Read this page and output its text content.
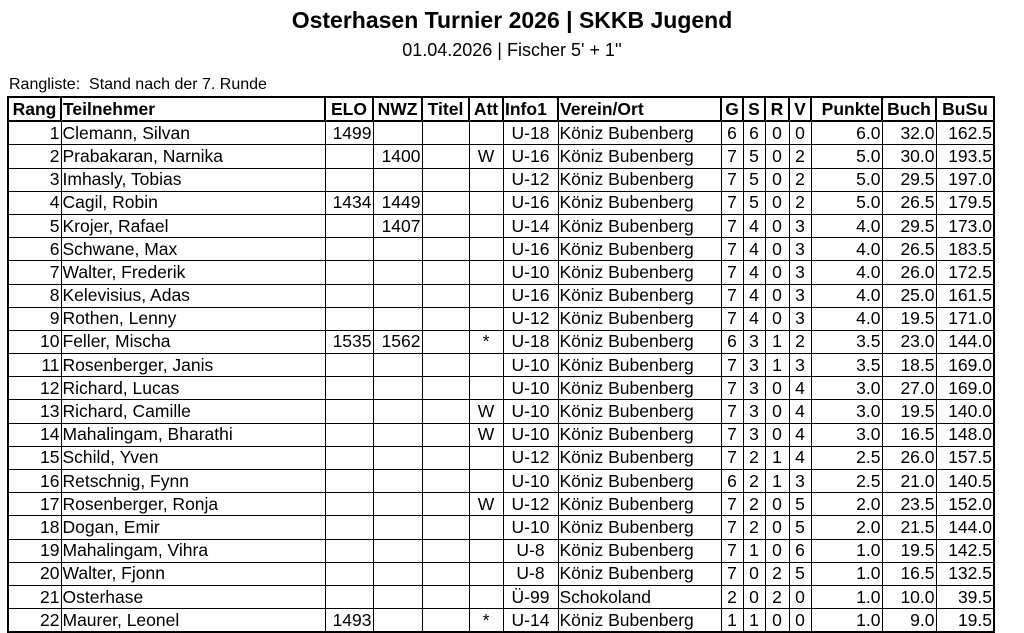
Osterhasen Turnier 2026 | SKKB Jugend
01.04.2026 | Fischer 5' + 1''
Rangliste:  Stand nach der 7. Runde
Rang	Teilnehmer	ELO	NWZ	Titel	Att	Info1	Verein/Ort	G	S	R	V	Punkte	Buch	BuSu
1	Clemann, Silvan	1499				U-18	Köniz Bubenberg	6	6	0	0	6.0	32.0	162.5
2	Prabakaran, Narnika		1400		W	U-16	Köniz Bubenberg	7	5	0	2	5.0	30.0	193.5
3	Imhasly, Tobias					U-12	Köniz Bubenberg	7	5	0	2	5.0	29.5	197.0
4	Cagil, Robin	1434	1449			U-16	Köniz Bubenberg	7	5	0	2	5.0	26.5	179.5
5	Krojer, Rafael		1407			U-14	Köniz Bubenberg	7	4	0	3	4.0	29.5	173.0
6	Schwane, Max					U-16	Köniz Bubenberg	7	4	0	3	4.0	26.5	183.5
7	Walter, Frederik					U-10	Köniz Bubenberg	7	4	0	3	4.0	26.0	172.5
8	Kelevisius, Adas					U-16	Köniz Bubenberg	7	4	0	3	4.0	25.0	161.5
9	Rothen, Lenny					U-12	Köniz Bubenberg	7	4	0	3	4.0	19.5	171.0
10	Feller, Mischa	1535	1562		*	U-18	Köniz Bubenberg	6	3	1	2	3.5	23.0	144.0
11	Rosenberger, Janis					U-10	Köniz Bubenberg	7	3	1	3	3.5	18.5	169.0
12	Richard, Lucas					U-10	Köniz Bubenberg	7	3	0	4	3.0	27.0	169.0
13	Richard, Camille				W	U-10	Köniz Bubenberg	7	3	0	4	3.0	19.5	140.0
14	Mahalingam, Bharathi				W	U-10	Köniz Bubenberg	7	3	0	4	3.0	16.5	148.0
15	Schild, Yven					U-12	Köniz Bubenberg	7	2	1	4	2.5	26.0	157.5
16	Retschnig, Fynn					U-10	Köniz Bubenberg	6	2	1	3	2.5	21.0	140.5
17	Rosenberger, Ronja				W	U-12	Köniz Bubenberg	7	2	0	5	2.0	23.5	152.0
18	Dogan, Emir					U-10	Köniz Bubenberg	7	2	0	5	2.0	21.5	144.0
19	Mahalingam, Vihra					U-8	Köniz Bubenberg	7	1	0	6	1.0	19.5	142.5
20	Walter, Fjonn					U-8	Köniz Bubenberg	7	0	2	5	1.0	16.5	132.5
21	Osterhase					Ü-99	Schokoland	2	0	2	0	1.0	10.0	39.5
22	Maurer, Leonel	1493			*	U-14	Köniz Bubenberg	1	1	0	0	1.0	9.0	19.5
